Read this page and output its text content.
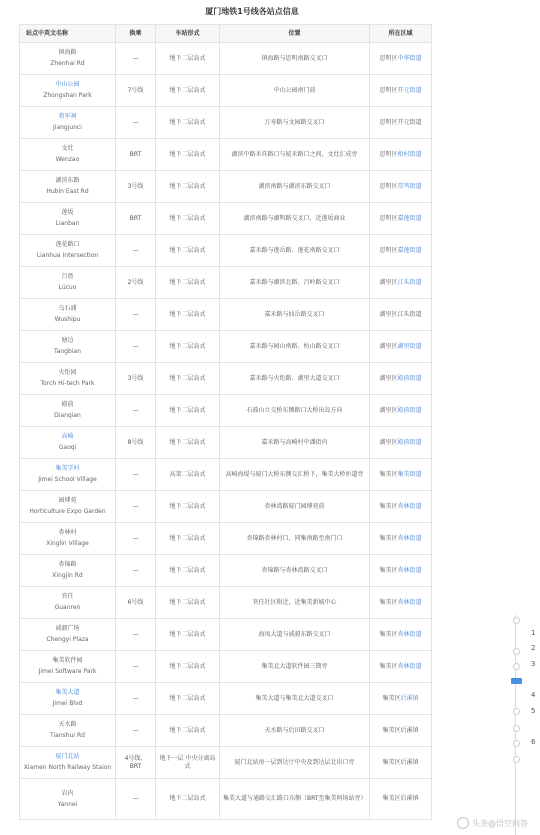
厦门地铁1号线各站点信息
站点中英文名称	换乘	车站形式	位置	所在区域

镇海路
Zhenhai Rd	—	地下二层岛式	镇海路与思明南路交叉口	思明区中华街道

中山公园
Zhongshan Park	7号线	地下二层岛式	中山公园南门前	思明区开元街道

将军祠
Jiangjunci	—	地下二层岛式	万寿路与文园路交叉口	思明区开元街道

文灶
Wenzao	BRT	地下二层岛式	湖滨中路禾祥路口与厦禾路口之间，文灶汇成旁	思明区梧村街道

湖滨东路
Hubin East Rd	3号线	地下二层岛式	湖滨南路与湖滨东路交叉口	思明区筼筜街道

莲坂
Lianban	BRT	地下二层岛式	湖滨南路与湖明路交叉口，近莲坂商业	思明区嘉莲街道

莲花路口
Lianhua Intersection	—	地下二层岛式	嘉禾路与莲岳路、莲花南路交叉口	思明区嘉莲街道

吕厝
Lücuo	2号线	地下二层岛式	嘉禾路与湖滨北路、吕岭路交叉口	湖里区江头街道

乌石浦
Wushipu	—	地下二层岛式	嘉禾路与仙岳路交叉口	湖里区江头街道

塘边
Tangbian	—	地下二层岛式	嘉禾路与园山南路、枋山路交叉口	湖里区湖里街道

火炬园
Torch Hi-tech Park	3号线	地下二层岛式	嘉禾路与火炬路、湖里大道交叉口	湖里区殿前街道

殿前
Dianqian	—	地下二层岛式	石鼓山立交桥东侧路口大桥出岛方向	湖里区殿前街道

高崎
Gaoqi	8号线	地下二层岛式	嘉禾路与高崎村中潘街内	湖里区殿前街道

集美学村
Jimei School Village	—	高架二层岛式	高崎海堤与厦门大桥东侧交汇桥下，集美大桥匝道旁	集美区集美街道

园博苑
Horticulture Expo Garden	—	地下二层岛式	杏林湾路厦门园博苑前	集美区杏林街道

杏林村
Xinglin Village	—	地下二层岛式	杏锦路杏林村口，同集南路至南门口	集美区杏林街道

杏锦路
Xingjin Rd	—	地下二层岛式	杏锦路与杏林湾路交叉口	集美区杏林街道

官任
Guanren	6号线	地下二层岛式	官任社区附近，近集美新城中心	集美区杏林街道

诚毅广场
Chengyi Plaza	—	地下二层岛式	海凤大道与诚毅东路交叉口	集美区杏林街道

集美软件园
Jimei Software Park	—	地下二层岛式	集美北大道软件园三期旁	集美区杏林街道

集美大道
Jimei Blvd	—	地下二层岛式	集美大道与集美北大道交叉口	集美区后溪镇

天水路
Tianshui Rd	—	地下二层岛式	天水路与后田路交叉口	集美区后溪镇

厦门北站
Xiamen North Railway Staion	4号线、BRT	地下一层 中央分离岛式	厦门北站房一层到达厅中央及到达层北出口旁	集美区后溪镇

岩内
Yannei	—	地下二层岛式	集美大道与通路交汇路口东侧（BRT至集美阿场站旁）	集美区后溪镇
1
2
3
4
5
6
头条@悟空问答
